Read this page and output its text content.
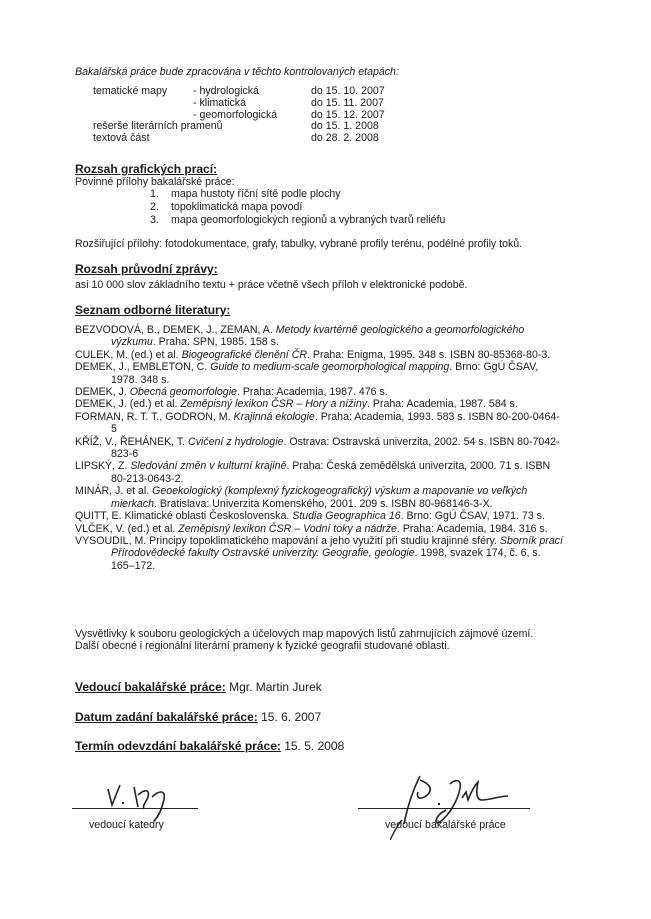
Bakalářská práce bude zpracována v těchto kontrolovaných etapách:
tematické mapy - hydrologická	do 15. 10. 2007
- klimatická	do 15. 11. 2007
- geomorfologická	do 15. 12. 2007
rešerše literárních pramenů	do 15. 1. 2008
textová část	do 28. 2. 2008
Rozsah grafických prací:
Povinné přílohy bakalářské práce:
1.	mapa hustoty říční sítě podle plochy
2.	topoklimatická mapa povodí
3.	mapa geomorfologických regionů a vybraných tvarů reliéfu
Rozšiřující přílohy: fotodokumentace, grafy, tabulky, vybrané profily terénu, podélné profily toků.
Rozsah průvodní zprávy:
asi 10 000 slov základního textu + práce včetně všech příloh v elektronické podobě.
Seznam odborné literatury:

BEZVODOVÁ, B., DEMEK, J., ZEMAN, A. Metody kvartérně geologického a geomorfologického výzkumu. Praha: SPN, 1985. 158 s.

CULEK, M. (ed.) et al. Biogeografické členění ČR. Praha: Enigma, 1995. 348 s. ISBN 80-85368-80-3.

DEMEK, J., EMBLETON, C. Guide to medium-scale geomorphological mapping. Brno: GgÚ ČSAV, 1978. 348 s.

DEMEK, J. Obecná geomorfologie. Praha: Academia, 1987. 476 s.

DEMEK, J. (ed.) et al. Zeměpisný lexikon ČSR – Hory a nížiny. Praha: Academia, 1987. 584 s.

FORMAN, R. T. T., GODRON, M. Krajinná ekologie. Praha: Academia, 1993. 583 s. ISBN 80-200-0464-5

KŘÍŽ, V., ŘEHÁNEK, T. Cvičení z hydrologie. Ostrava: Ostravská univerzita, 2002. 54 s. ISBN 80-7042-823-6

LIPSKÝ, Z. Sledování změn v kulturní krajině. Praha: Česká zemědělská univerzita, 2000. 71 s. ISBN 80-213-0643-2.

MINÁR, J. et al. Geoekologický (komplexný fyzickogeografický) výskum a mapovanie vo veľkých mierkach. Bratislava: Univerzita Komenského, 2001. 209 s. ISBN 80-968146-3-X.

QUITT, E. Klimatické oblasti Československa. Studia Geographica 16. Brno: GgÚ ČSAV, 1971. 73 s.

VLČEK, V. (ed.) et al. Zeměpisný lexikon ČSR – Vodní toky a nádrže. Praha: Academia, 1984. 316 s.

VYSOUDIL, M. Principy topoklimatického mapování a jeho využití při studiu krajinné sféry. Sborník prací Přírodovědecké fakulty Ostravské univerzity. Geografie, geologie. 1998, svazek 174, č. 6, s. 165–172.

Vysvětlivky k souboru geologických a účelových map mapových listů zahrnujících zájmové území.

Další obecné i regionální literární prameny k fyzické geografii studované oblasti.

Vedoucí bakalářské práce: Mgr. Martin Jurek
Datum zadání bakalářské práce: 15. 6. 2007
Termín odevzdání bakalářské práce: 15. 5. 2008
vedoucí katedry	vedoucí bakalářské práce
